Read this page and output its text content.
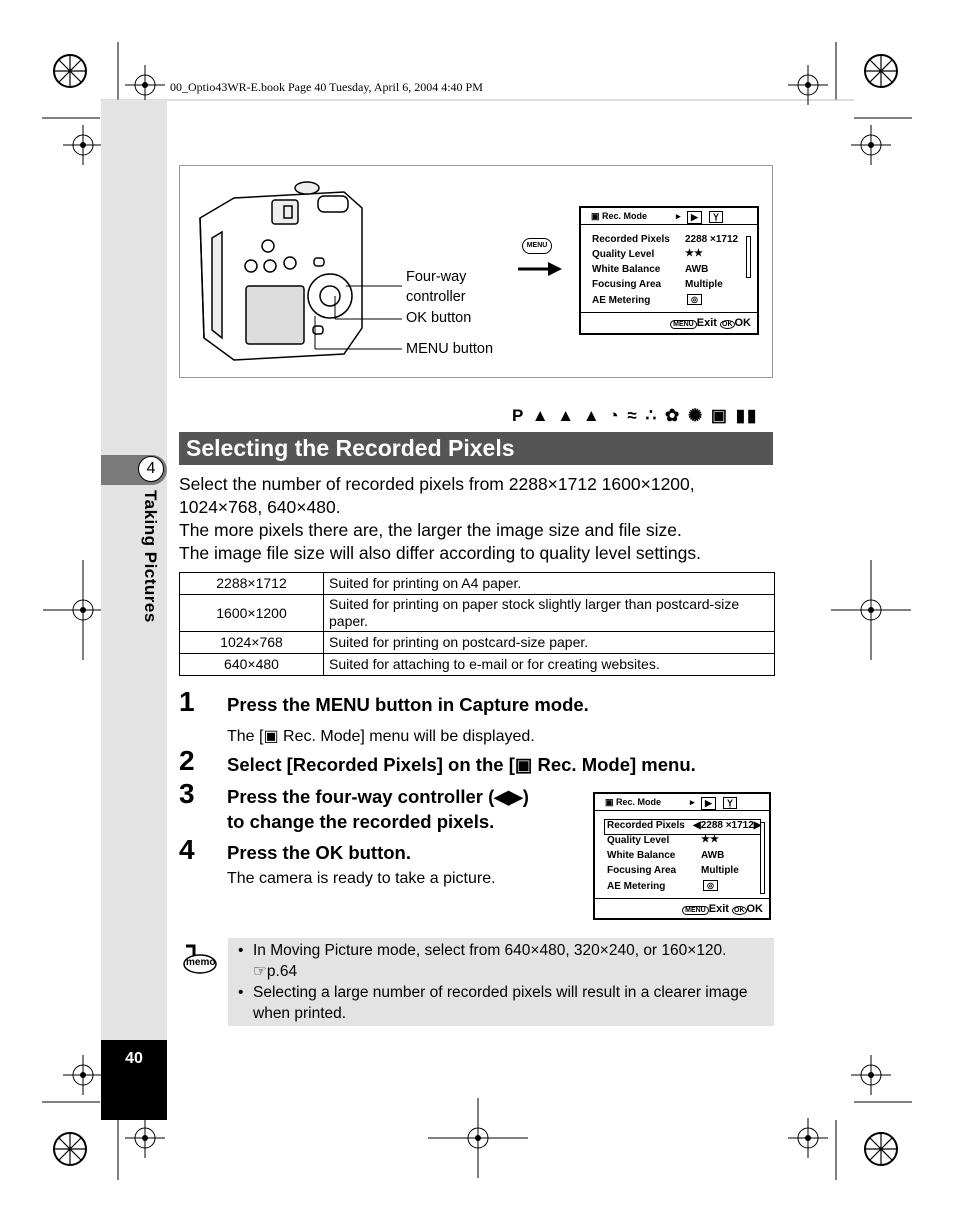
00_Optio43WR-E.book Page 40 Tuesday, April 6, 2004 4:40 PM
4
Taking Pictures
40
Four-way controller
OK button
MENU button
MENU
▣ Rec. Mode	▸	▶	Ỵ
Recorded Pixels 2288 ×1712
Quality Level	★★
White Balance AWB
Focusing Area Multiple
AE Metering	◎
MENU Exit OK OK
P ▲ ▲ ▲ ◔ ≈ ∴ ✿ ✺ ▣ ▮▮
Selecting the Recorded Pixels

Select the number of recorded pixels from 2288×1712 1600×1200, 1024×768, 640×480.

The more pixels there are, the larger the image size and file size.

The image file size will also differ according to quality level settings.

2288×1712	Suited for printing on A4 paper.
1600×1200	Suited for printing on paper stock slightly larger than postcard-size paper.
1024×768	Suited for printing on postcard-size paper.
640×480	Suited for attaching to e-mail or for creating websites.
1 Press the MENU button in Capture mode.
The [▣ Rec. Mode] menu will be displayed.
2 Select [Recorded Pixels] on the [▣ Rec. Mode] menu.
3 Press the four-way controller (◀▶)
to change the recorded pixels.
4 Press the OK button.
The camera is ready to take a picture.
▣ Rec. Mode	▸	▶	Ỵ
Recorded Pixels ◀2288 ×1712▶
Quality Level	★★
White Balance	AWB
Focusing Area Multiple
AE Metering	◎
MENU Exit OK OK
memo
• In Moving Picture mode, select from 640×480, 320×240, or 160×120.
☞p.64
• Selecting a large number of recorded pixels will result in a clearer image when printed.
